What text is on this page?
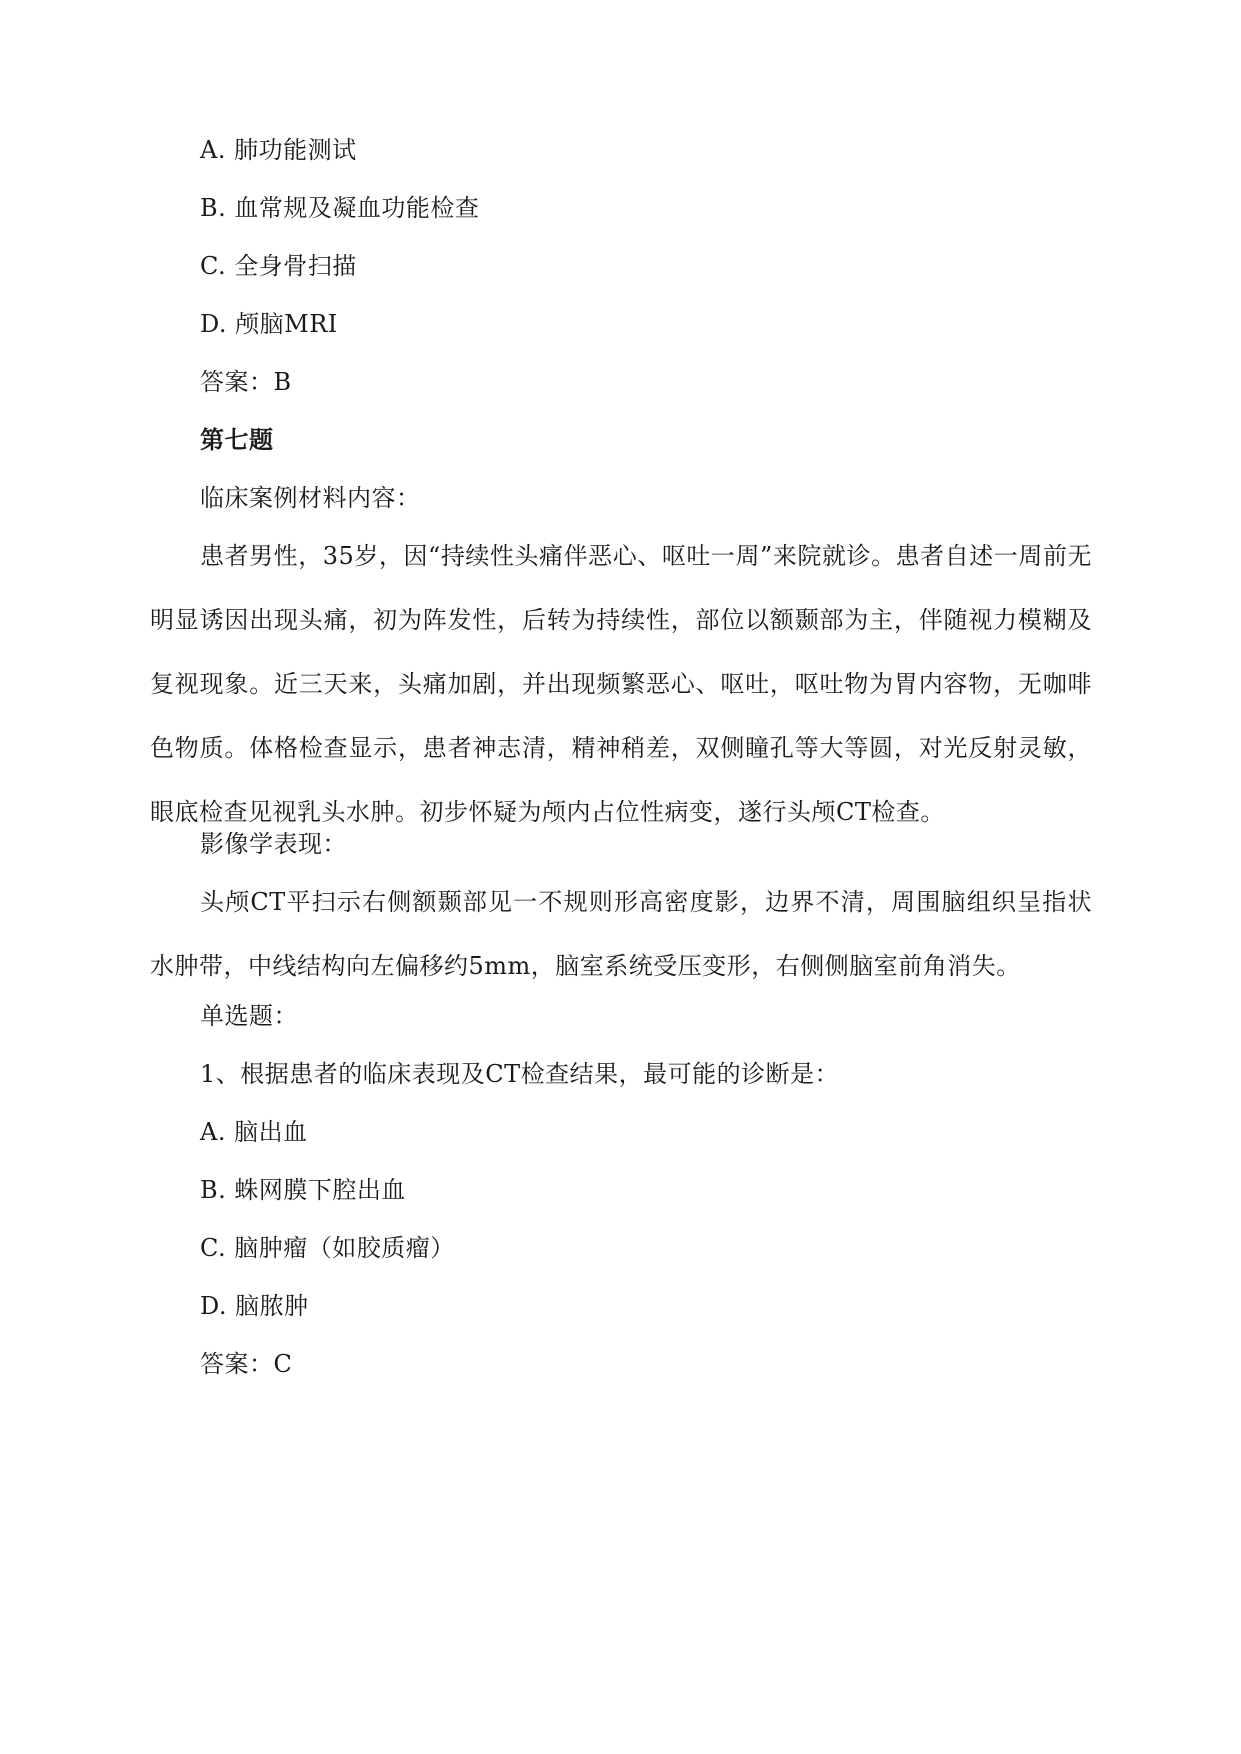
A. 肺功能测试
B. 血常规及凝血功能检查
C. 全身骨扫描
D. 颅脑MRI
答案：B
第七题
临床案例材料内容：
患者男性，35岁，因“持续性头痛伴恶心、呕吐一周”来院就诊。患者自述一周前无明显诱因出现头痛，初为阵发性，后转为持续性，部位以额颞部为主，伴随视力模糊及复视现象。近三天来，头痛加剧，并出现频繁恶心、呕吐，呕吐物为胃内容物，无咖啡色物质。体格检查显示，患者神志清，精神稍差，双侧瞳孔等大等圆，对光反射灵敏，眼底检查见视乳头水肿。初步怀疑为颅内占位性病变，遂行头颅CT检查。
影像学表现：
头颅CT平扫示右侧额颞部见一不规则形高密度影，边界不清，周围脑组织呈指状水肿带，中线结构向左偏移约5mm，脑室系统受压变形，右侧侧脑室前角消失。
单选题：
1、根据患者的临床表现及CT检查结果，最可能的诊断是：
A. 脑出血
B. 蛛网膜下腔出血
C. 脑肿瘤（如胶质瘤）
D. 脑脓肿
答案：C
